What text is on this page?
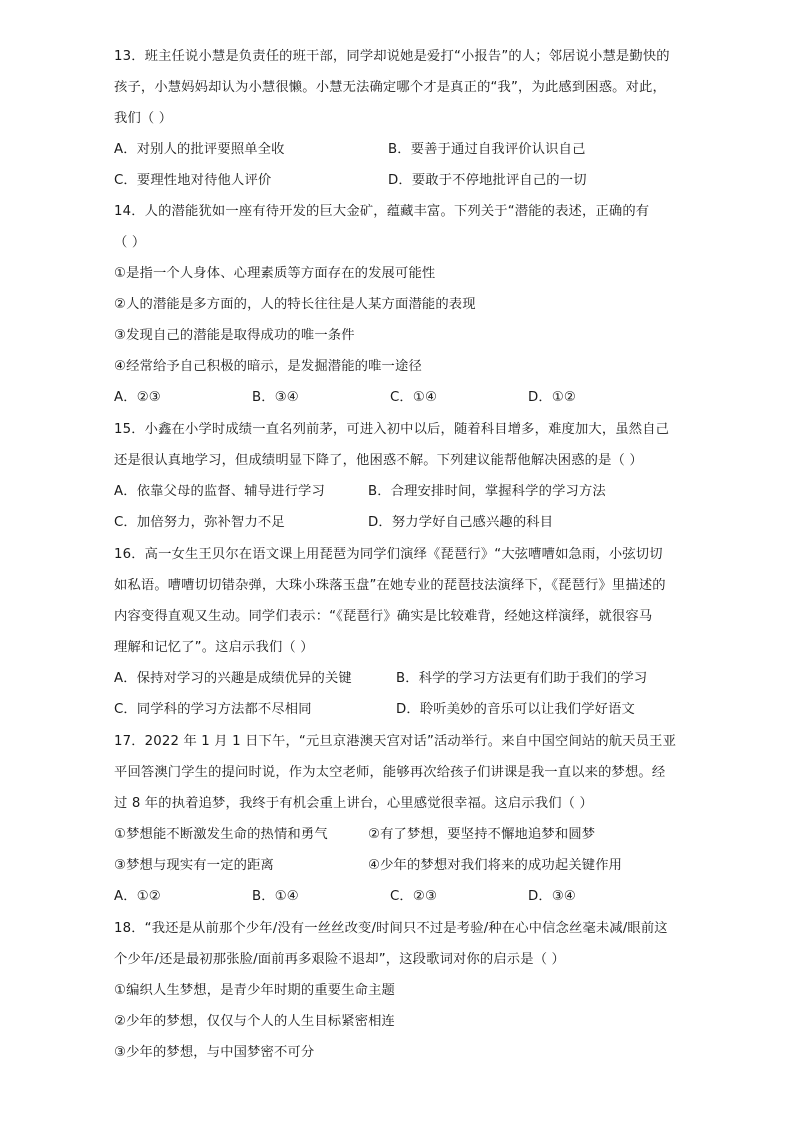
13．班主任说小慧是负责任的班干部，同学却说她是爱打“小报告”的人；邻居说小慧是勤快的

孩子，小慧妈妈却认为小慧很懒。小慧无法确定哪个才是真正的“我”，为此感到困惑。对此，

我们（ ）

A．对别人的批评要照单全收	B．要善于通过自我评价认识自己

C．要理性地对待他人评价	D．要敢于不停地批评自己的一切

14．人的潜能犹如一座有待开发的巨大金矿，蕴藏丰富。下列关于“潜能的表述，正确的有

（ ）

①是指一个人身体、心理素质等方面存在的发展可能性

②人的潜能是多方面的，人的特长往往是人某方面潜能的表现

③发现自己的潜能是取得成功的唯一条件

④经常给予自己积极的暗示，是发掘潜能的唯一途径

A．②③	B．③④	C．①④	D．①②

15．小鑫在小学时成绩一直名列前茅，可进入初中以后，随着科目增多，难度加大，虽然自己

还是很认真地学习，但成绩明显下降了，他困惑不解。下列建议能帮他解决困惑的是（ ）

A．依靠父母的监督、辅导进行学习	B．合理安排时间，掌握科学的学习方法

C．加倍努力，弥补智力不足	D．努力学好自己感兴趣的科目

16．高一女生王贝尔在语文课上用琵琶为同学们演绎《琵琶行》“大弦嘈嘈如急雨，小弦切切

如私语。嘈嘈切切错杂弹，大珠小珠落玉盘”在她专业的琵琶技法演绎下，《琵琶行》里描述的

内容变得直观又生动。同学们表示：“《琵琶行》确实是比较难背，经她这样演绎，就很容马

理解和记忆了”。这启示我们（ ）

A．保持对学习的兴趣是成绩优异的关键	B．科学的学习方法更有们助于我们的学习

C．同学科的学习方法都不尽相同	D．聆听美妙的音乐可以让我们学好语文

17．2022 年 1 月 1 日下午，“元旦京港澳天宫对话”活动举行。来自中国空间站的航天员王亚

平回答澳门学生的提问时说，作为太空老师，能够再次给孩子们讲课是我一直以来的梦想。经

过 8 年的执着追梦，我终于有机会重上讲台，心里感觉很幸福。这启示我们（ ）

①梦想能不断激发生命的热情和勇气	②有了梦想，要坚持不懈地追梦和圆梦

③梦想与现实有一定的距离	④少年的梦想对我们将来的成功起关键作用

A．①②	B．①④	C．②③	D．③④

18．“我还是从前那个少年/没有一丝丝改变/时间只不过是考验/种在心中信念丝毫未减/眼前这

个少年/还是最初那张脸/面前再多艰险不退却”，这段歌词对你的启示是（ ）

①编织人生梦想，是青少年时期的重要生命主题

②少年的梦想，仅仅与个人的人生目标紧密相连

③少年的梦想，与中国梦密不可分
